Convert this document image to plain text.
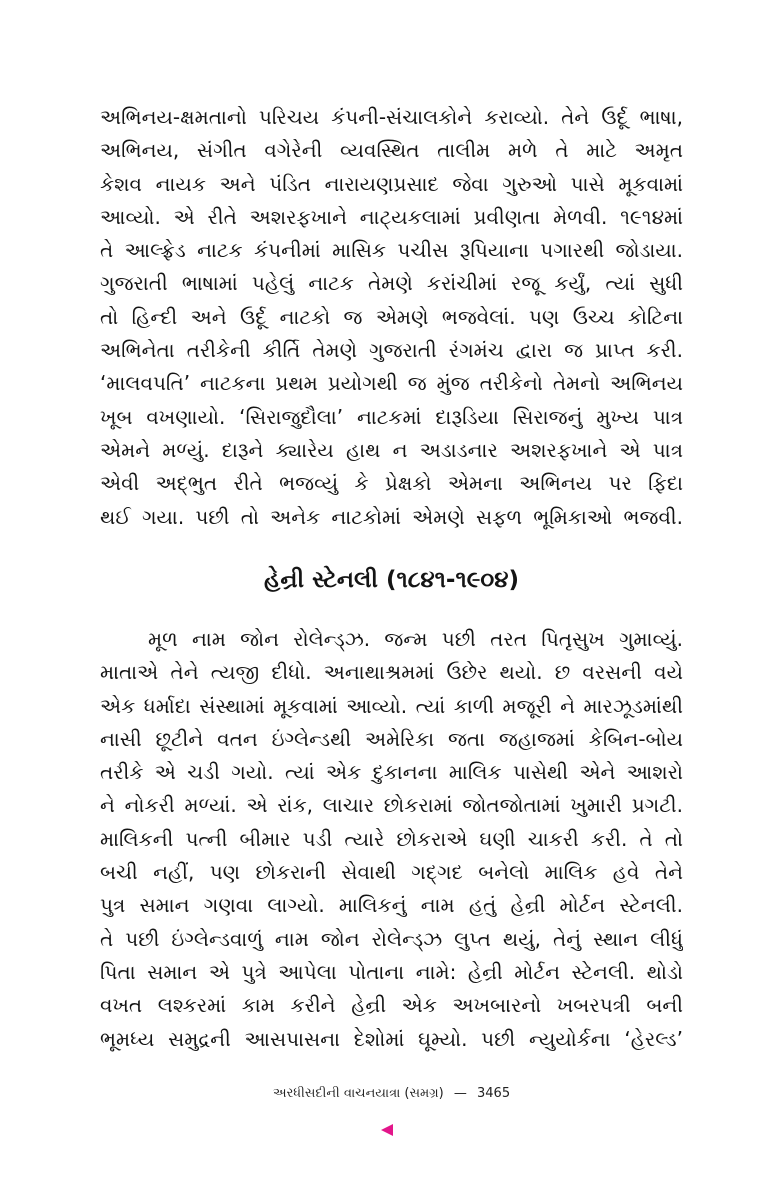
અભિનય-ક્ષમતાનો પરિચય કંપની-સંચાલકોને કરાવ્યો. તેને ઉર્દૂ ભાષા,
અભિનય, સંગીત વગેરેની વ્યવસ્થિત તાલીમ મળે તે માટે અમૃત
કેશવ નાયક અને પંડિત નારાયણપ્રસાદ જેવા ગુરુઓ પાસે મૂકવામાં
આવ્યો. એ રીતે અશરફખાને નાટ્યકલામાં પ્રવીણતા મેળવી. ૧૯૧૪માં
તે આલ્ફ્રેડ નાટક કંપનીમાં માસિક પચીસ રૂપિયાના પગારથી જોડાયા.
ગુજરાતી ભાષામાં પહેલું નાટક તેમણે કરાંચીમાં રજૂ કર્યું, ત્યાં સુધી
તો હિન્દી અને ઉર્દૂ નાટકો જ એમણે ભજવેલાં. પણ ઉચ્ચ કોટિના
અભિનેતા તરીકેની કીર્તિ તેમણે ગુજરાતી રંગમંચ દ્વારા જ પ્રાપ્ત કરી.
‘માલવપતિ’ નાટકના પ્રથમ પ્રયોગથી જ મુંજ તરીકેનો તેમનો અભિનય
ખૂબ વખણાયો. ‘સિરાજુદૌલા’ નાટકમાં દારૂડિયા સિરાજનું મુખ્ય પાત્ર
એમને મળ્યું. દારૂને ક્યારેય હાથ ન અડાડનાર અશરફખાને એ પાત્ર
એવી અદ્ભુત રીતે ભજવ્યું કે પ્રેક્ષકો એમના અભિનય પર ફિદા
થઈ ગયા. પછી તો અનેક નાટકોમાં એમણે સફળ ભૂમિકાઓ ભજવી.
હેન્રી સ્ટેનલી (૧૮૪૧-૧૯૦૪)
મૂળ નામ જોન રોલેન્ડ્ઝ. જન્મ પછી તરત પિતૃસુખ ગુમાવ્યું.
માતાએ તેને ત્યજી દીધો. અનાથાશ્રમમાં ઉછેર થયો. છ વરસની વયે
એક ધર્માદા સંસ્થામાં મૂકવામાં આવ્યો. ત્યાં કાળી મજૂરી ને મારઝૂડમાંથી
નાસી છૂટીને વતન ઇંગ્લેન્ડથી અમેરિકા જતા જહાજમાં કેબિન-બોય
તરીકે એ ચડી ગયો. ત્યાં એક દુકાનના માલિક પાસેથી એને આશરો
ને નોકરી મળ્યાં. એ રાંક, લાચાર છોકરામાં જોતજોતામાં ખુમારી પ્રગટી.
માલિકની પત્ની બીમાર પડી ત્યારે છોકરાએ ઘણી ચાકરી કરી. તે તો
બચી નહીં, પણ છોકરાની સેવાથી ગદ્ગદ બનેલો માલિક હવે તેને
પુત્ર સમાન ગણવા લાગ્યો. માલિકનું નામ હતું હેન્રી મોર્ટન સ્ટેનલી.
તે પછી ઇંગ્લેન્ડવાળું નામ જોન રોલેન્ડ્ઝ લુપ્ત થયું, તેનું સ્થાન લીધું
પિતા સમાન એ પુત્રે આપેલા પોતાના નામે: હેન્રી મોર્ટન સ્ટેનલી. થોડો
વખત લશ્કરમાં કામ કરીને હેન્રી એક અખબારનો ખબરપત્રી બની
ભૂમધ્ય સમુદ્રની આસપાસના દેશોમાં ઘૂમ્યો. પછી ન્યુયોર્કના ‘હેરલ્ડ’
અરધીસદીની વાચનયાત્રા (સમગ્ર) — 3465
